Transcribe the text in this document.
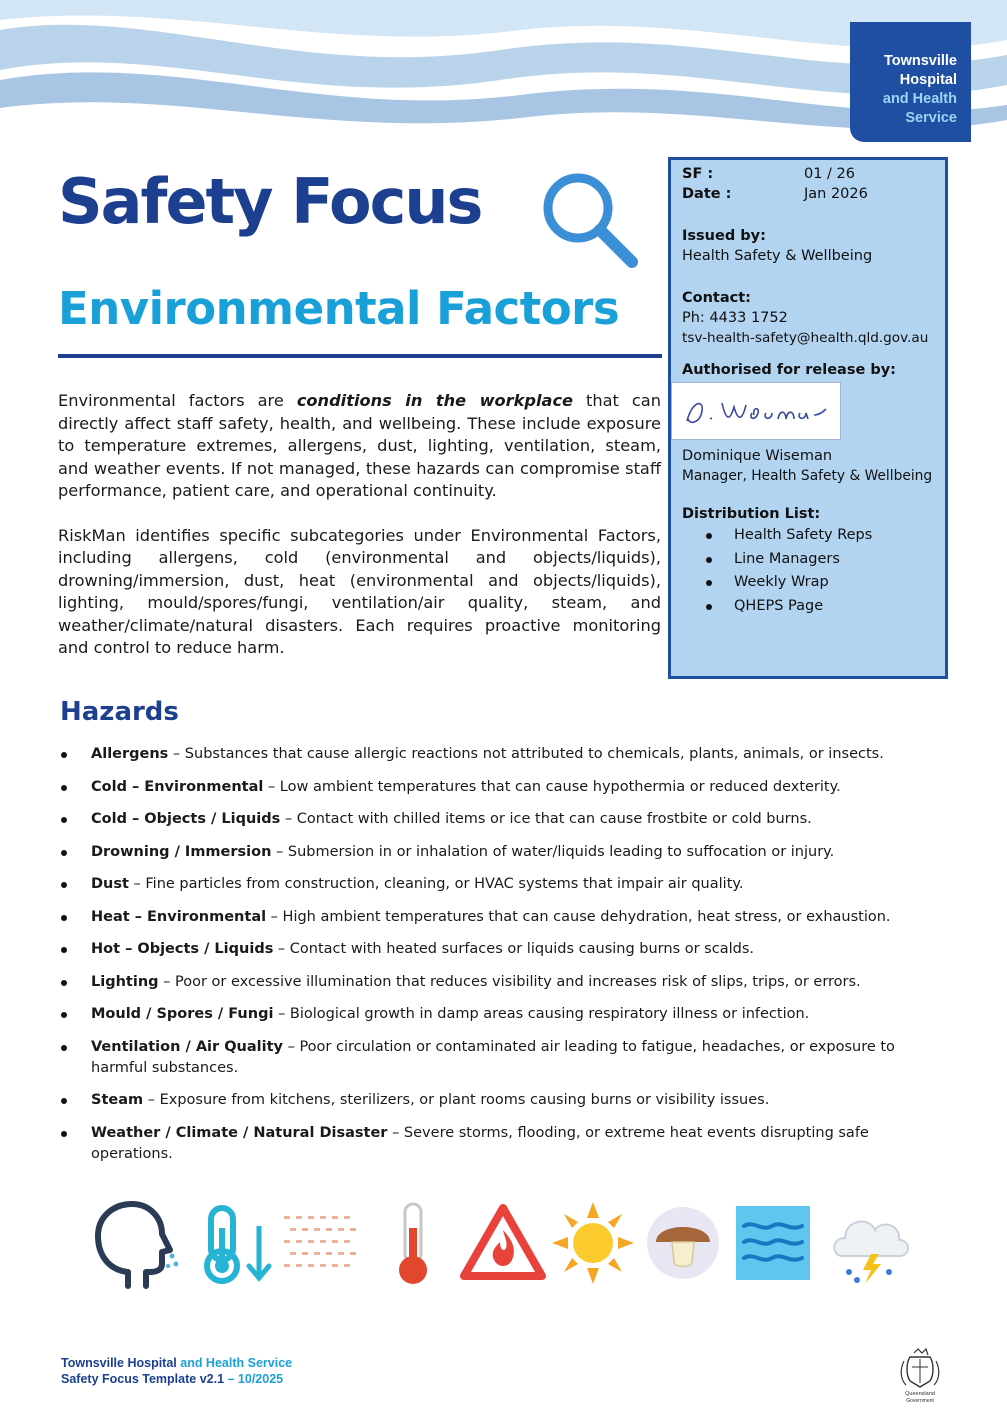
Townsville
Hospital
and Health
Service
Safety Focus
Environmental Factors

Environmental factors are conditions in the workplace that can directly affect staff safety, health, and wellbeing. These include exposure to temperature extremes, allergens, dust, lighting, ventilation, steam, and weather events. If not managed, these hazards can compromise staff performance, patient care, and operational continuity.

RiskMan identifies specific subcategories under Environmental Factors, including allergens, cold (environmental and objects/liquids), drowning/immersion, dust, heat (environmental and objects/liquids), lighting, mould/spores/fungi, ventilation/air quality, steam, and weather/climate/natural disasters. Each requires proactive monitoring and control to reduce harm.

SF :	01 / 26
Date :	Jan 2026
Issued by:
Health Safety & Wellbeing
Contact:
Ph: 4433 1752
tsv-health-safety@health.qld.gov.au
Authorised for release by:
Dominique Wiseman
Manager, Health Safety & Wellbeing
Distribution List:
Health Safety Reps
Line Managers
Weekly Wrap
QHEPS Page
Hazards
Allergens – Substances that cause allergic reactions not attributed to chemicals, plants, animals, or insects.
Cold – Environmental – Low ambient temperatures that can cause hypothermia or reduced dexterity.
Cold – Objects / Liquids – Contact with chilled items or ice that can cause frostbite or cold burns.
Drowning / Immersion – Submersion in or inhalation of water/liquids leading to suffocation or injury.
Dust – Fine particles from construction, cleaning, or HVAC systems that impair air quality.
Heat – Environmental – High ambient temperatures that can cause dehydration, heat stress, or exhaustion.
Hot – Objects / Liquids – Contact with heated surfaces or liquids causing burns or scalds.
Lighting – Poor or excessive illumination that reduces visibility and increases risk of slips, trips, or errors.
Mould / Spores / Fungi – Biological growth in damp areas causing respiratory illness or infection.
Ventilation / Air Quality – Poor circulation or contaminated air leading to fatigue, headaches, or exposure to harmful substances.
Steam – Exposure from kitchens, sterilizers, or plant rooms causing burns or visibility issues.
Weather / Climate / Natural Disaster – Severe storms, flooding, or extreme heat events disrupting safe operations.
Townsville Hospital and Health Service
Safety Focus Template v2.1 – 10/2025
Queensland
Government
